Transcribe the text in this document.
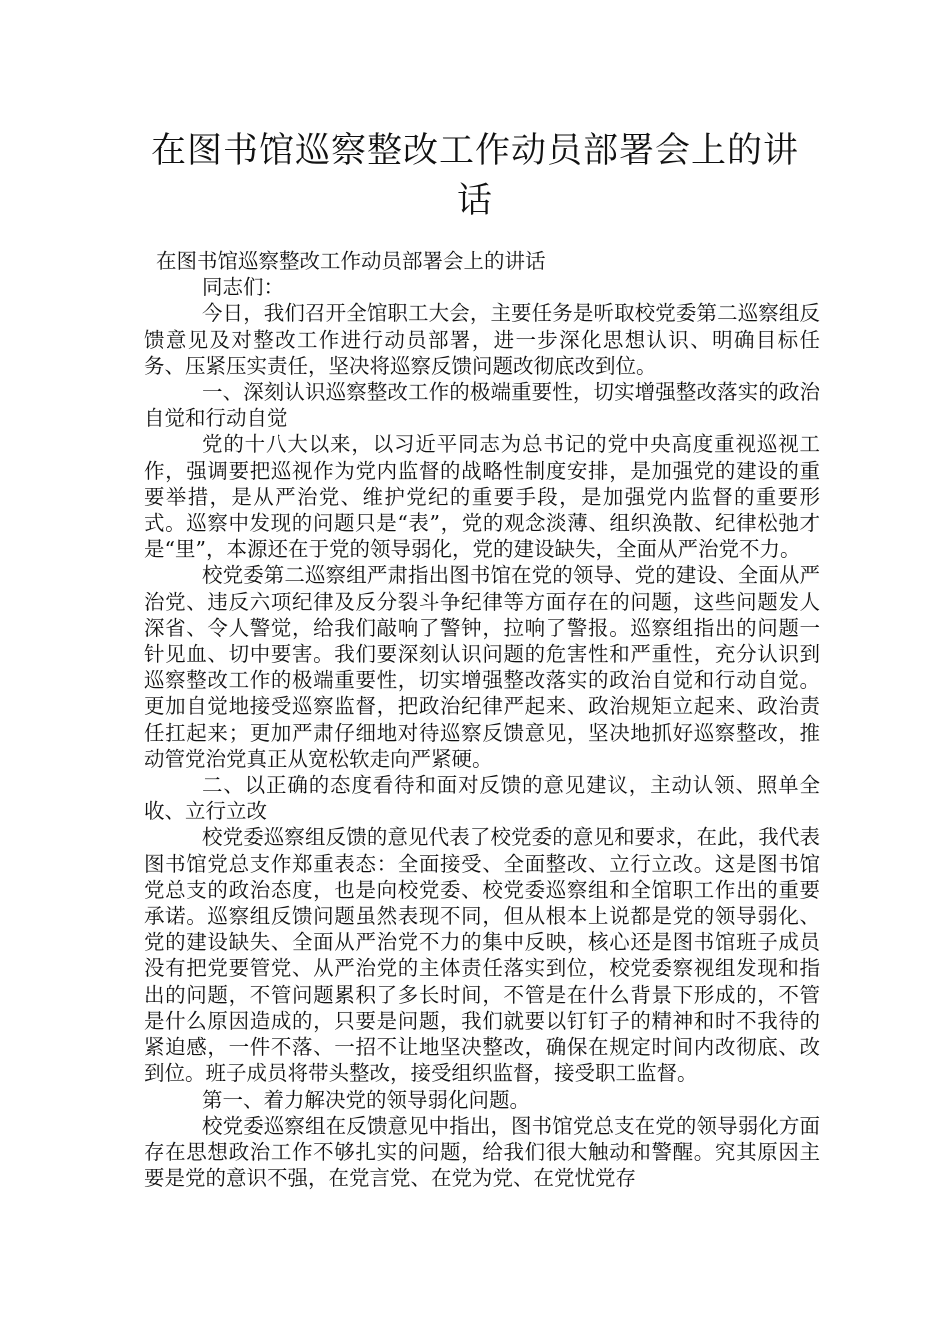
在图书馆巡察整改工作动员部署会上的讲话

在图书馆巡察整改工作动员部署会上的讲话

同志们：

今日，我们召开全馆职工大会，主要任务是听取校党委第二巡察组反馈意见及对整改工作进行动员部署，进一步深化思想认识、明确目标任务、压紧压实责任，坚决将巡察反馈问题改彻底改到位。

一、深刻认识巡察整改工作的极端重要性，切实增强整改落实的政治自觉和行动自觉

党的十八大以来，以习近平同志为总书记的党中央高度重视巡视工作，强调要把巡视作为党内监督的战略性制度安排，是加强党的建设的重要举措，是从严治党、维护党纪的重要手段，是加强党内监督的重要形式。巡察中发现的问题只是“表”，党的观念淡薄、组织涣散、纪律松弛才是“里”，本源还在于党的领导弱化，党的建设缺失，全面从严治党不力。

校党委第二巡察组严肃指出图书馆在党的领导、党的建设、全面从严治党、违反六项纪律及反分裂斗争纪律等方面存在的问题，这些问题发人深省、令人警觉，给我们敲响了警钟，拉响了警报。巡察组指出的问题一针见血、切中要害。我们要深刻认识问题的危害性和严重性，充分认识到巡察整改工作的极端重要性，切实增强整改落实的政治自觉和行动自觉。更加自觉地接受巡察监督，把政治纪律严起来、政治规矩立起来、政治责任扛起来；更加严肃仔细地对待巡察反馈意见，坚决地抓好巡察整改，推动管党治党真正从宽松软走向严紧硬。

二、以正确的态度看待和面对反馈的意见建议，主动认领、照单全收、立行立改

校党委巡察组反馈的意见代表了校党委的意见和要求，在此，我代表图书馆党总支作郑重表态：全面接受、全面整改、立行立改。这是图书馆党总支的政治态度，也是向校党委、校党委巡察组和全馆职工作出的重要承诺。巡察组反馈问题虽然表现不同，但从根本上说都是党的领导弱化、党的建设缺失、全面从严治党不力的集中反映，核心还是图书馆班子成员没有把党要管党、从严治党的主体责任落实到位，校党委察视组发现和指出的问题，不管问题累积了多长时间，不管是在什么背景下形成的，不管是什么原因造成的，只要是问题，我们就要以钉钉子的精神和时不我待的紧迫感，一件不落、一招不让地坚决整改，确保在规定时间内改彻底、改到位。班子成员将带头整改，接受组织监督，接受职工监督。

第一、着力解决党的领导弱化问题。

校党委巡察组在反馈意见中指出，图书馆党总支在党的领导弱化方面存在思想政治工作不够扎实的问题，给我们很大触动和警醒。究其原因主要是党的意识不强，在党言党、在党为党、在党忧党存
